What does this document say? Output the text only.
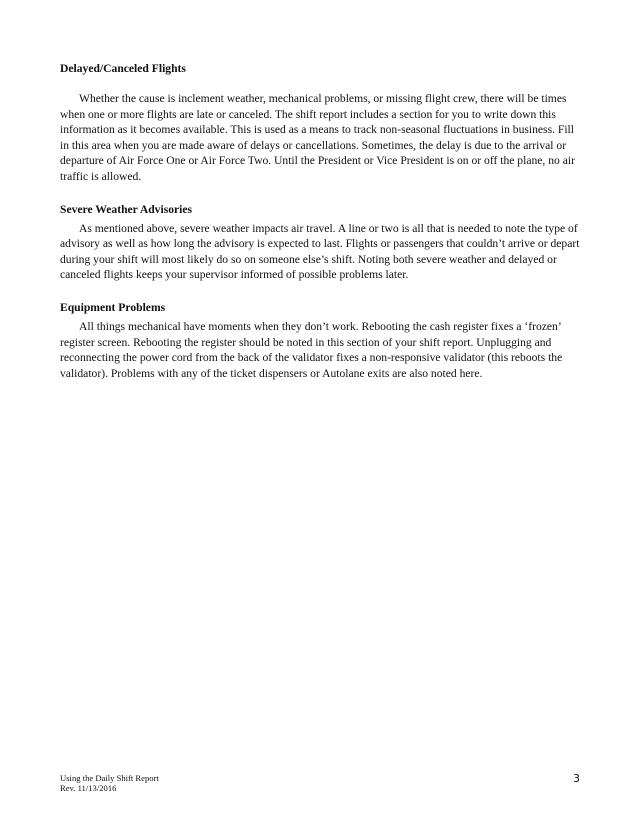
Delayed/Canceled Flights

Whether the cause is inclement weather, mechanical problems, or missing flight crew, there will be times when one or more flights are late or canceled. The shift report includes a section for you to write down this information as it becomes available. This is used as a means to track non-seasonal fluctuations in business. Fill in this area when you are made aware of delays or cancellations. Sometimes, the delay is due to the arrival or departure of Air Force One or Air Force Two. Until the President or Vice President is on or off the plane, no air traffic is allowed.

Severe Weather Advisories

As mentioned above, severe weather impacts air travel. A line or two is all that is needed to note the type of advisory as well as how long the advisory is expected to last. Flights or passengers that couldn’t arrive or depart during your shift will most likely do so on someone else’s shift. Noting both severe weather and delayed or canceled flights keeps your supervisor informed of possible problems later.

Equipment Problems

All things mechanical have moments when they don’t work. Rebooting the cash register fixes a ‘frozen’ register screen. Rebooting the register should be noted in this section of your shift report. Unplugging and reconnecting the power cord from the back of the validator fixes a non-responsive validator (this reboots the validator). Problems with any of the ticket dispensers or Autolane exits are also noted here.

Using the Daily Shift Report
Rev. 11/13/2016
3
